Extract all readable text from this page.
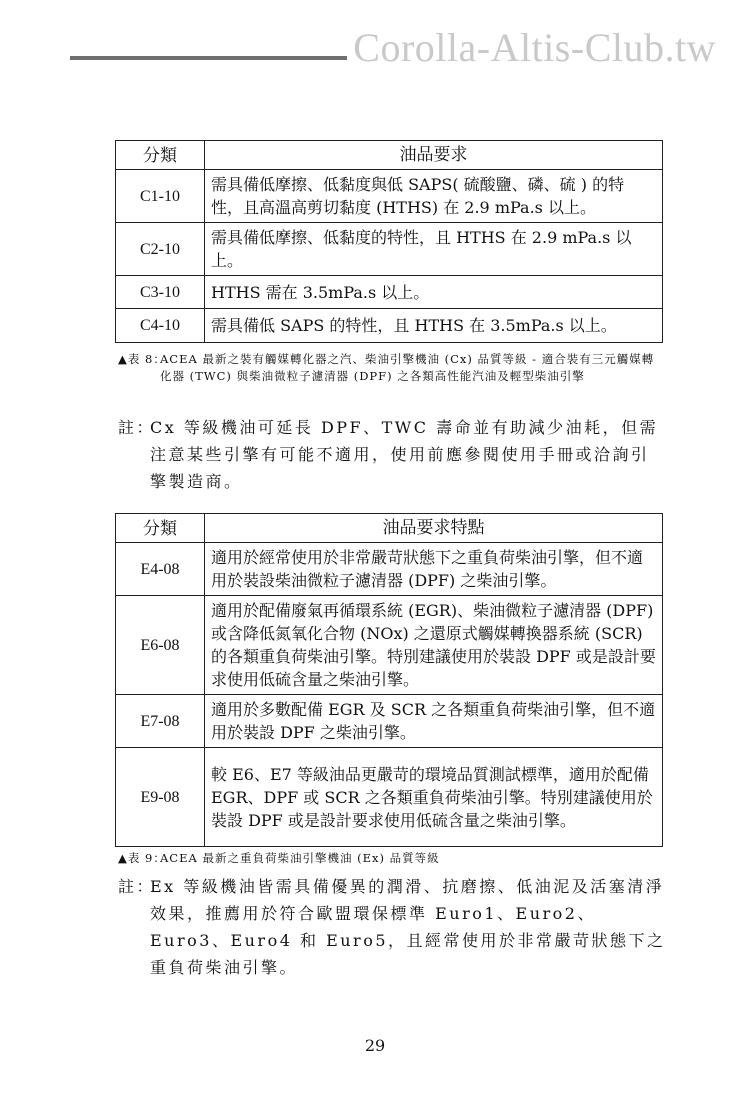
Corolla-Altis-Club.tw
分類	油品要求
C1-10	需具備低摩擦、低黏度與低 SAPS( 硫酸鹽、磷、硫 ) 的特性，且高溫高剪切黏度 (HTHS) 在 2.9 mPa.s 以上。
C2-10	需具備低摩擦、低黏度的特性，且 HTHS 在 2.9 mPa.s 以上。
C3-10	HTHS 需在 3.5mPa.s 以上。
C4-10	需具備低 SAPS 的特性，且 HTHS 在 3.5mPa.s 以上。
▲表 8：
ACEA 最新之裝有觸媒轉化器之汽、柴油引擎機油 (Cx) 品質等級 - 適合裝有三元觸媒轉化器 (TWC) 與柴油微粒子濾清器 (DPF) 之各類高性能汽油及輕型柴油引擎
註：
Cx 等級機油可延長 DPF、TWC 壽命並有助減少油耗，但需注意某些引擎有可能不適用，使用前應參閱使用手冊或洽詢引擎製造商。
分類	油品要求特點
E4-08	適用於經常使用於非常嚴苛狀態下之重負荷柴油引擎，但不適用於裝設柴油微粒子濾清器 (DPF) 之柴油引擎。
E6-08	適用於配備廢氣再循環系統 (EGR)、柴油微粒子濾清器 (DPF) 或含降低氮氧化合物 (NOx) 之還原式觸媒轉換器系統 (SCR) 的各類重負荷柴油引擎。特別建議使用於裝設 DPF 或是設計要求使用低硫含量之柴油引擎。
E7-08	適用於多數配備 EGR 及 SCR 之各類重負荷柴油引擎，但不適用於裝設 DPF 之柴油引擎。
E9-08	較 E6、E7 等級油品更嚴苛的環境品質測試標準，適用於配備 EGR、DPF 或 SCR 之各類重負荷柴油引擎。特別建議使用於裝設 DPF 或是設計要求使用低硫含量之柴油引擎。
▲表 9：
ACEA 最新之重負荷柴油引擎機油 (Ex) 品質等級
註：
Ex 等級機油皆需具備優異的潤滑、抗磨擦、低油泥及活塞清淨效果，推薦用於符合歐盟環保標準 Euro1、Euro2、Euro3、Euro4 和 Euro5，且經常使用於非常嚴苛狀態下之重負荷柴油引擎。
29
